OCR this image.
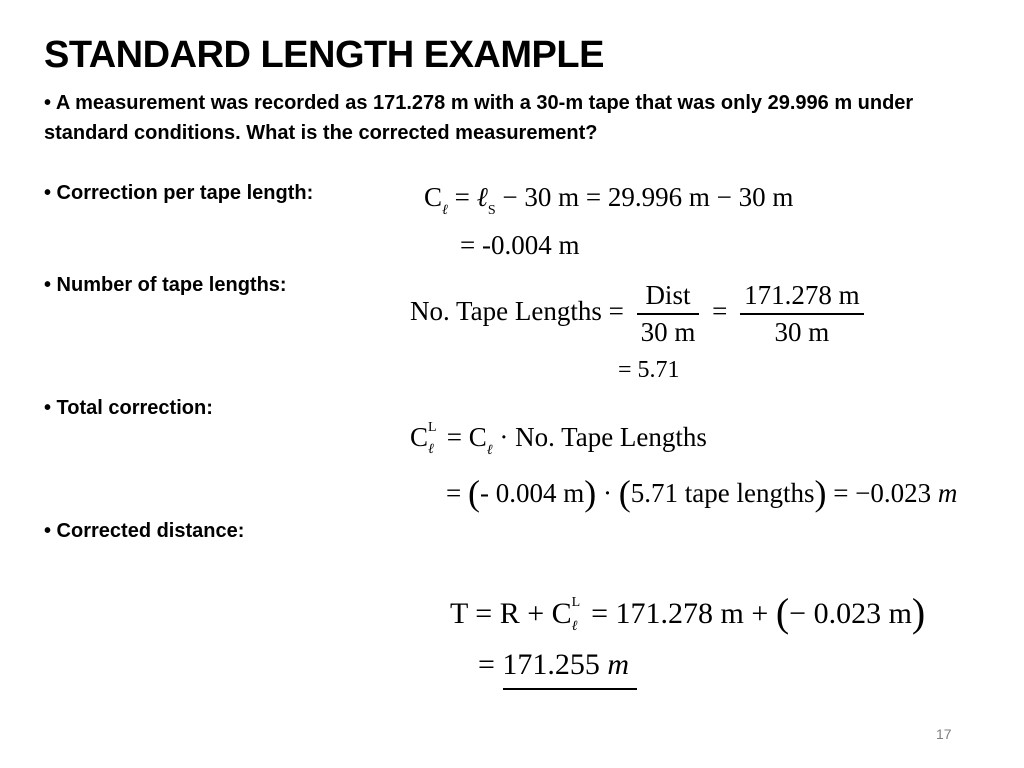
STANDARD LENGTH EXAMPLE
• A measurement was recorded as 171.278 m with a 30-m tape that was only 29.996 m under standard conditions. What is the corrected measurement?
• Correction per tape length:
• Number of tape lengths:
• Total correction:
• Corrected distance:
$C_\ell$ = ℓ$_S$ − 30 m = 29.996 m − 30 m
= -0.004 m
No. Tape Lengths = $\frac{\text{Dist}}{30 m} = \frac{171.278 m}{30 m}$
= 5.71
C L
ℓ = $C_\ell \cdot No$. Tape Lengths
= (- 0.004 m) · (5.71 tape lengths) = −0.023 m
T = R + C L
ℓ = 171.278 m + (− 0.023 m)
= 171.255 m
17
